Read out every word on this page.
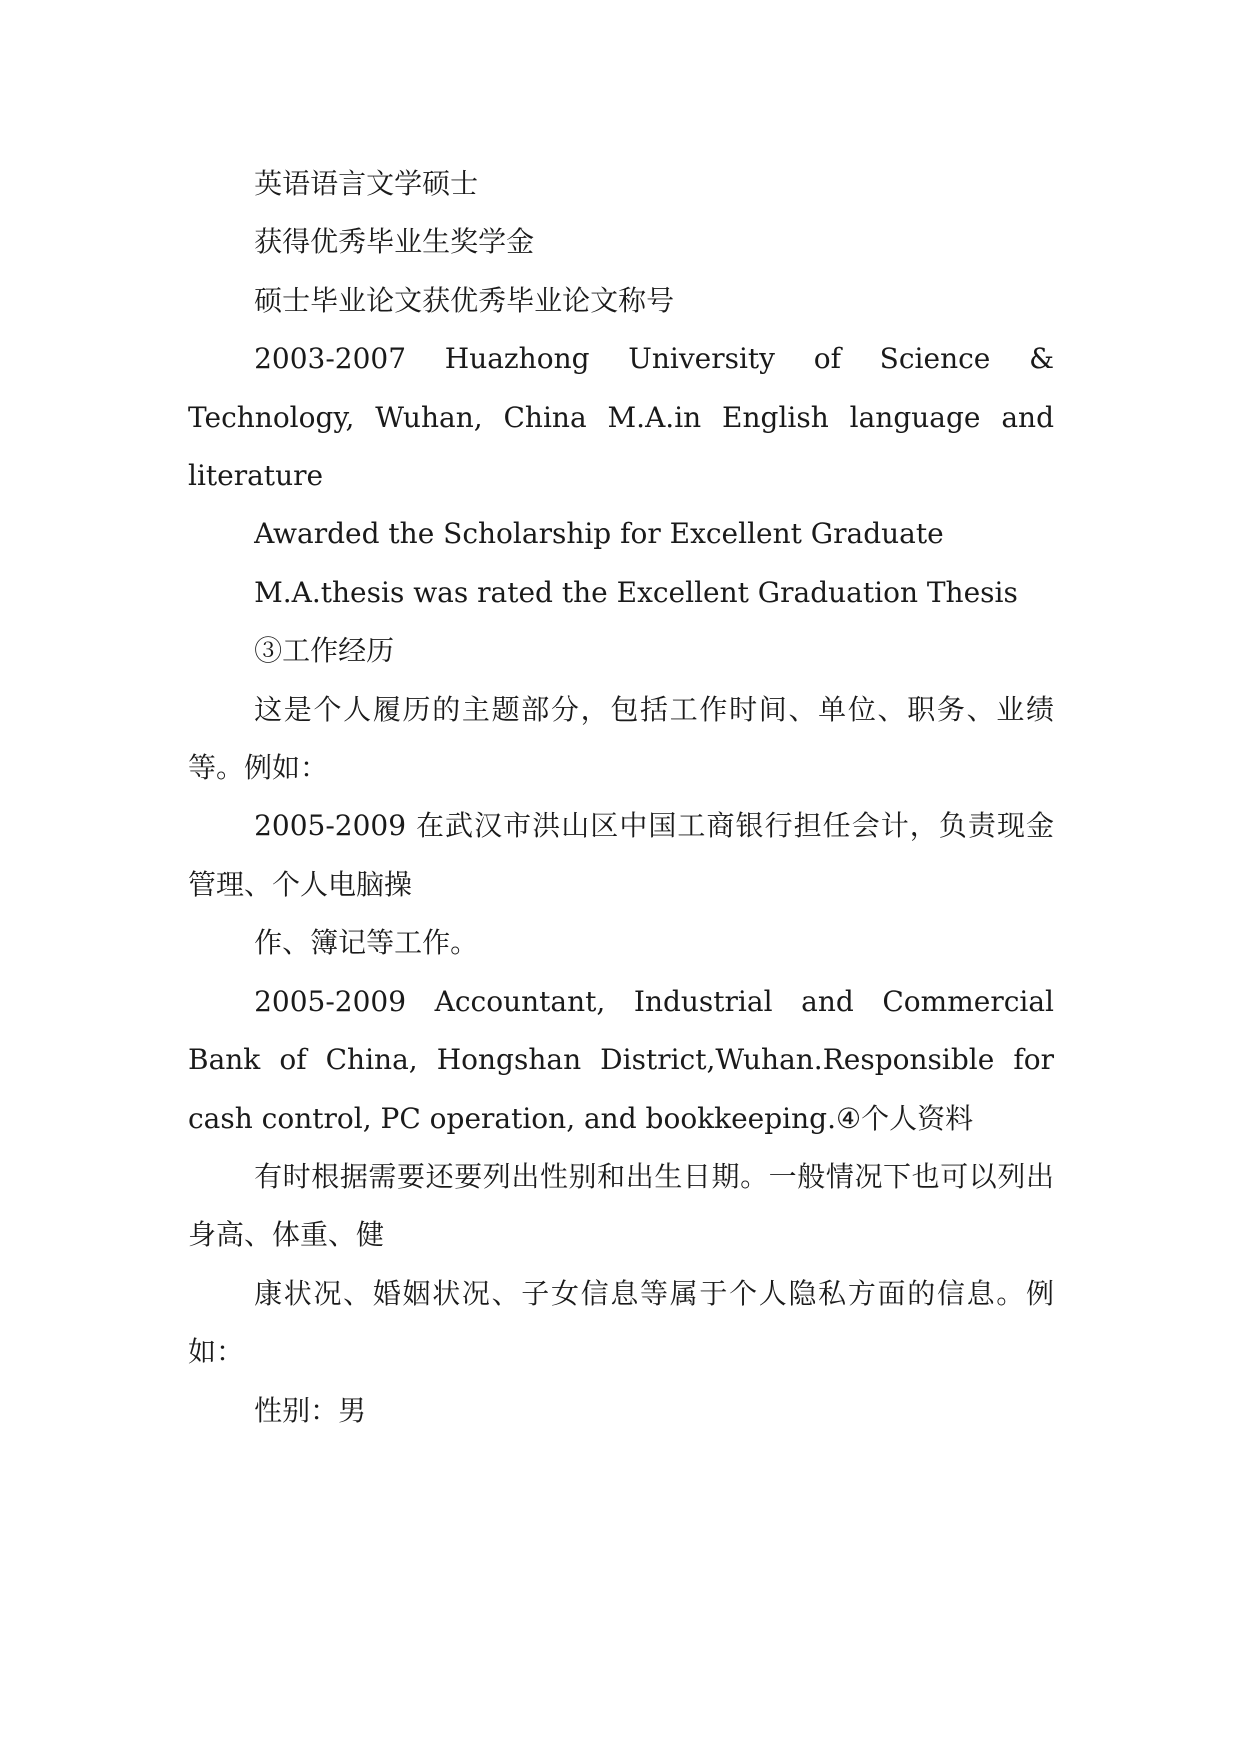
英语语言文学硕士

获得优秀毕业生奖学金

硕士毕业论文获优秀毕业论文称号

2003-2007 Huazhong University of Science & Technology, Wuhan, China M.A.in English language and literature

Awarded the Scholarship for Excellent Graduate

M.A.thesis was rated the Excellent Graduation Thesis

③工作经历

这是个人履历的主题部分，包括工作时间、单位、职务、业绩等。例如：

2005-2009 在武汉市洪山区中国工商银行担任会计，负责现金管理、个人电脑操

作、簿记等工作。

2005-2009 Accountant, Industrial and Commercial Bank of China, Hongshan District,Wuhan.Responsible for cash control, PC operation, and bookkeeping.④个人资料

有时根据需要还要列出性别和出生日期。一般情况下也可以列出身高、体重、健

康状况、婚姻状况、子女信息等属于个人隐私方面的信息。例如：

性别：男
